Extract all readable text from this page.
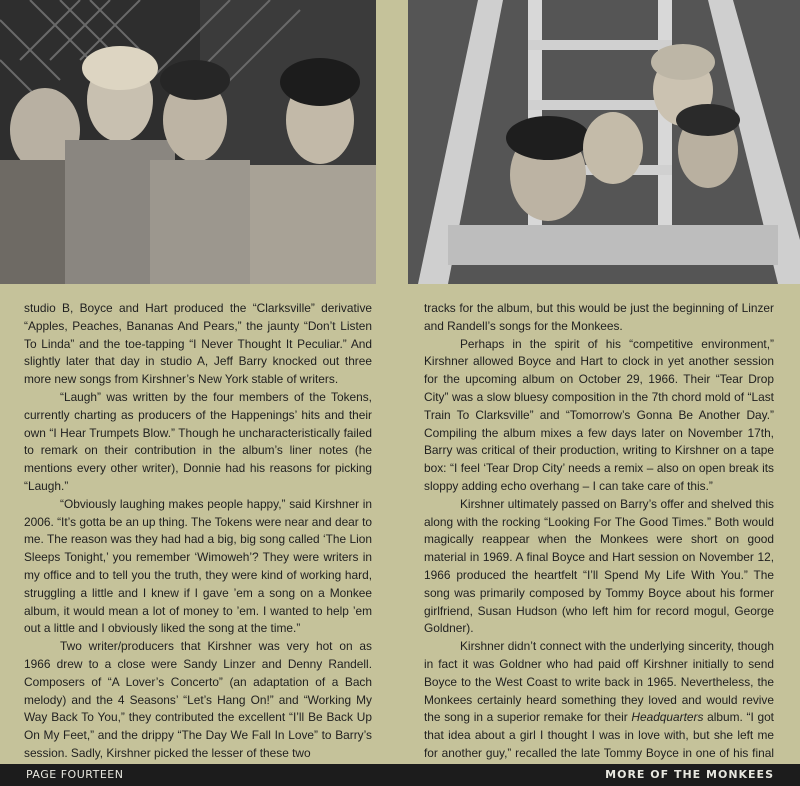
studio B, Boyce and Hart produced the “Clarksville” derivative “Apples, Peaches, Bananas And Pears,” the jaunty “Don’t Listen To Linda” and the toe-tapping “I Never Thought It Peculiar.” And slightly later that day in studio A, Jeff Barry knocked out three more new songs from Kirshner’s New York stable of writers.

“Laugh” was written by the four members of the Tokens, currently charting as producers of the Happenings’ hits and their own “I Hear Trumpets Blow.” Though he uncharacteristically failed to remark on their contribution in the album’s liner notes (he mentions every other writer), Donnie had his reasons for picking “Laugh.”

“Obviously laughing makes people happy,” said Kirshner in 2006. “It’s gotta be an up thing. The Tokens were near and dear to me. The reason was they had had a big, big song called ‘The Lion Sleeps Tonight,’ you remember ‘Wimoweh’? They were writers in my office and to tell you the truth, they were kind of working hard, struggling a little and I knew if I gave ’em a song on a Monkee album, it would mean a lot of money to ’em. I wanted to help ’em out a little and I obviously liked the song at the time.”

Two writer/producers that Kirshner was very hot on as 1966 drew to a close were Sandy Linzer and Denny Randell. Composers of “A Lover’s Concerto” (an adaptation of a Bach melody) and the 4 Seasons’ “Let’s Hang On!” and “Working My Way Back To You,” they contributed the excellent “I’ll Be Back Up On My Feet,” and the drippy “The Day We Fall In Love” to Barry’s session. Sadly, Kirshner picked the lesser of these two

tracks for the album, but this would be just the beginning of Linzer and Randell’s songs for the Monkees.

Perhaps in the spirit of his “competitive environment,” Kirshner allowed Boyce and Hart to clock in yet another session for the upcoming album on October 29, 1966. Their “Tear Drop City” was a slow bluesy composition in the 7th chord mold of “Last Train To Clarksville” and “Tomorrow’s Gonna Be Another Day.” Compiling the album mixes a few days later on November 17th, Barry was critical of their production, writing to Kirshner on a tape box: “I feel ‘Tear Drop City’ needs a remix – also on open break its sloppy adding echo overhang – I can take care of this.”

Kirshner ultimately passed on Barry’s offer and shelved this along with the rocking “Looking For The Good Times.” Both would magically reappear when the Monkees were short on good material in 1969. A final Boyce and Hart session on November 12, 1966 produced the heartfelt “I’ll Spend My Life With You.” The song was primarily composed by Tommy Boyce about his former girlfriend, Susan Hudson (who left him for record mogul, George Goldner).

Kirshner didn’t connect with the underlying sincerity, though in fact it was Goldner who had paid off Kirshner initially to send Boyce to the West Coast to write back in 1965. Nevertheless, the Monkees certainly heard something they loved and would revive the song in a superior remake for their Headquarters album. “I got that idea about a girl I thought I was in love with, but she left me for another guy,” recalled the late Tommy Boyce in one of his final

PAGE FOURTEEN	MORE OF THE MONKEES
